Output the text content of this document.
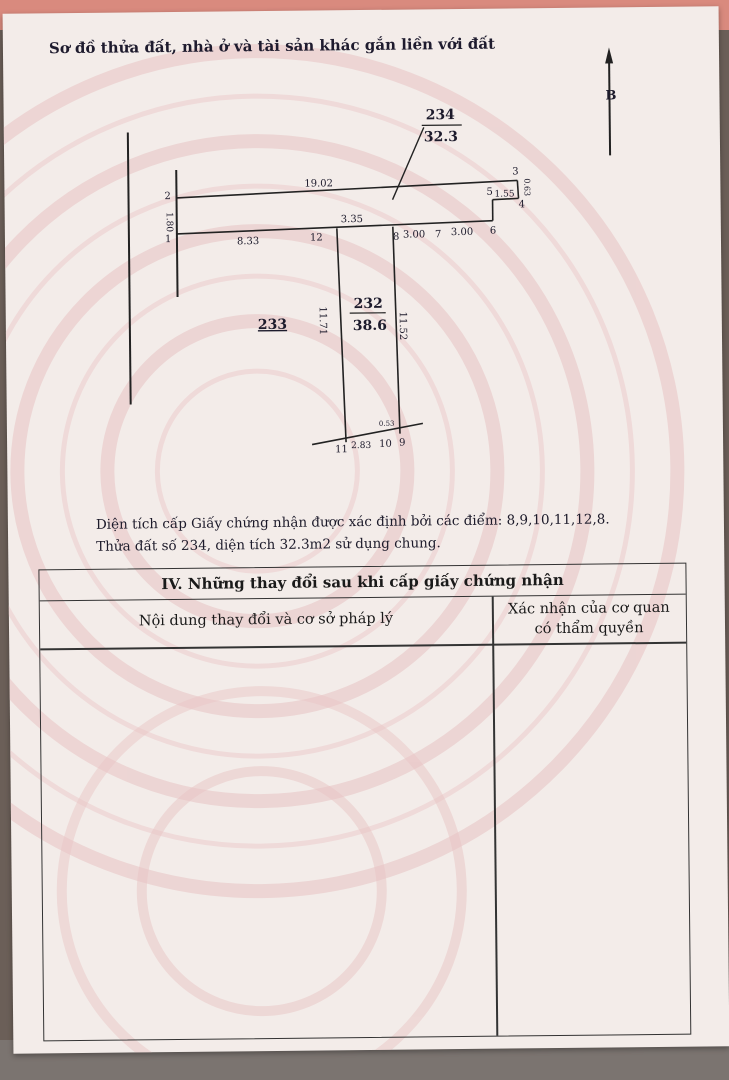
Sơ đồ thửa đất, nhà ở và tài sản khác gắn liền với đất
B
234
32.3
232
38.6
233
1
2
3
4
5
6
7
8
9
10
11
12
19.02
1.80
0.63
1.55
8.33
3.35
3.00	3.00
11.71	11.52
2.83
0.53
Diện tích cấp Giấy chứng nhận được xác định bởi các điểm: 8,9,10,11,12,8.
Thửa đất số 234, diện tích 32.3m2 sử dụng chung.
IV. Những thay đổi sau khi cấp giấy chứng nhận
Nội dung thay đổi và cơ sở pháp lý
Xác nhận của cơ quan
có thẩm quyền
